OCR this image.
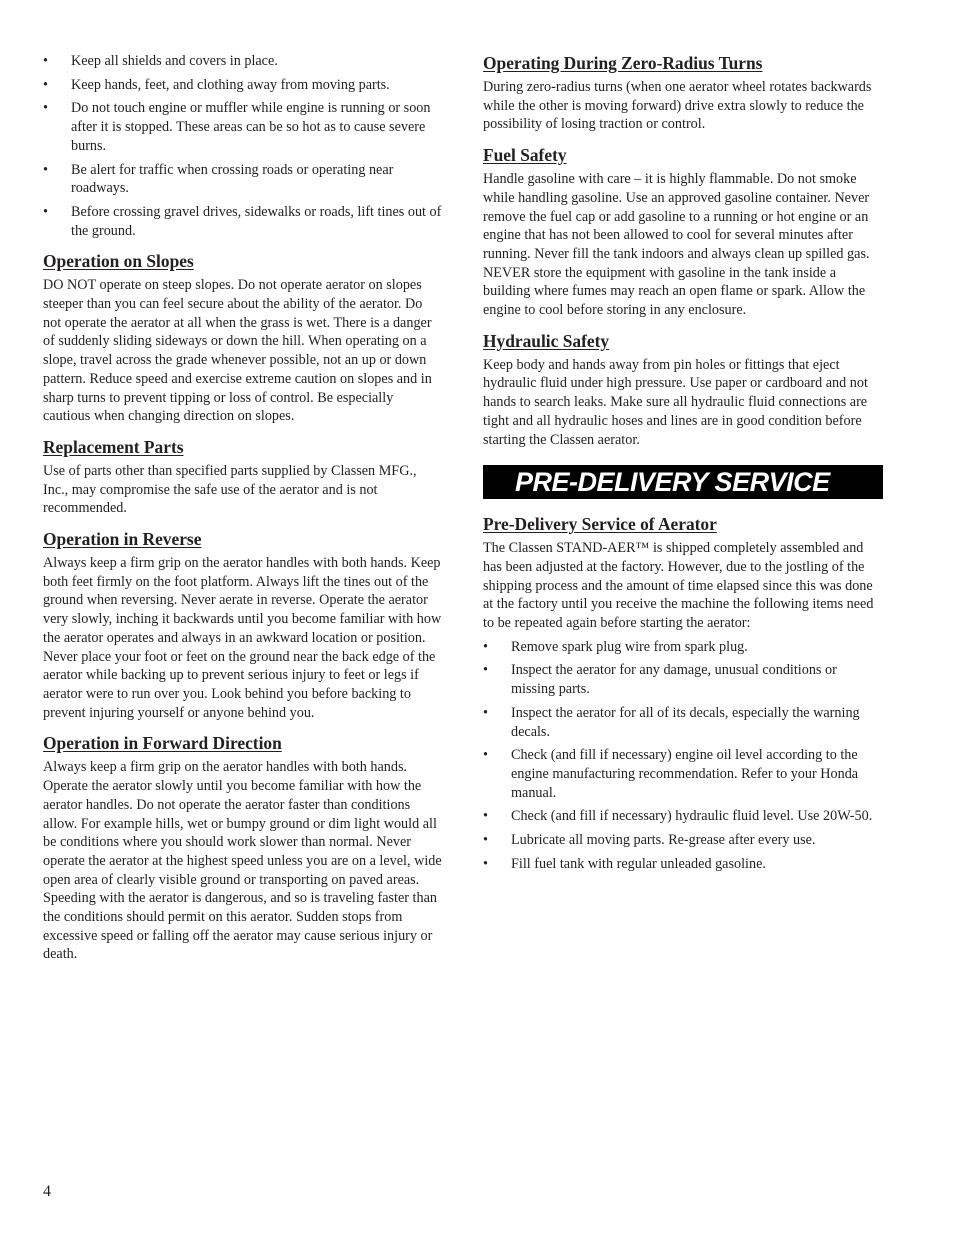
• Keep all shields and covers in place.
• Keep hands, feet, and clothing away from moving parts.
• Do not touch engine or muffler while engine is running or soon after it is stopped. These areas can be so hot as to cause severe burns.
• Be alert for traffic when crossing roads or operating near roadways.
• Before crossing gravel drives, sidewalks or roads, lift tines out of the ground.
Operation on Slopes

DO NOT operate on steep slopes. Do not operate aerator on slopes steeper than you can feel secure about the ability of the aerator. Do not operate the aerator at all when the grass is wet. There is a danger of suddenly sliding sideways or down the hill. When operating on a slope, travel across the grade whenever possible, not an up or down pattern. Reduce speed and exercise extreme caution on slopes and in sharp turns to prevent tipping or loss of control. Be especially cautious when changing direction on slopes.

Replacement Parts

Use of parts other than specified parts supplied by Classen MFG., Inc., may compromise the safe use of the aerator and is not recommended.

Operation in Reverse

Always keep a firm grip on the aerator handles with both hands. Keep both feet firmly on the foot platform. Always lift the tines out of the ground when reversing. Never aerate in reverse. Operate the aerator very slowly, inching it backwards until you become familiar with how the aerator operates and always in an awkward location or position. Never place your foot or feet on the ground near the back edge of the aerator while backing up to prevent serious injury to feet or legs if aerator were to run over you. Look behind you before backing to prevent injuring yourself or anyone behind you.

Operation in Forward Direction

Always keep a firm grip on the aerator handles with both hands. Operate the aerator slowly until you become familiar with how the aerator handles. Do not operate the aerator faster than conditions allow. For example hills, wet or bumpy ground or dim light would all be conditions where you should work slower than normal. Never operate the aerator at the highest speed unless you are on a level, wide open area of clearly visible ground or transporting on paved areas. Speeding with the aerator is dangerous, and so is traveling faster than the conditions should permit on this aerator. Sudden stops from excessive speed or falling off the aerator may cause serious injury or death.

Operating During Zero-Radius Turns

During zero-radius turns (when one aerator wheel rotates backwards while the other is moving forward) drive extra slowly to reduce the possibility of losing traction or control.

Fuel Safety

Handle gasoline with care – it is highly flammable. Do not smoke while handling gasoline. Use an approved gasoline container. Never remove the fuel cap or add gasoline to a running or hot engine or an engine that has not been allowed to cool for several minutes after running. Never fill the tank indoors and always clean up spilled gas. NEVER store the equipment with gasoline in the tank inside a building where fumes may reach an open flame or spark. Allow the engine to cool before storing in any enclosure.

Hydraulic Safety

Keep body and hands away from pin holes or fittings that eject hydraulic fluid under high pressure. Use paper or cardboard and not hands to search leaks. Make sure all hydraulic fluid connections are tight and all hydraulic hoses and lines are in good condition before starting the Classen aerator.

PRE-DELIVERY SERVICE
Pre-Delivery Service of Aerator

The Classen STAND-AER™ is shipped completely assembled and has been adjusted at the factory. However, due to the jostling of the shipping process and the amount of time elapsed since this was done at the factory until you receive the machine the following items need to be repeated again before starting the aerator:

• Remove spark plug wire from spark plug.
• Inspect the aerator for any damage, unusual conditions or missing parts.
• Inspect the aerator for all of its decals, especially the warning decals.
• Check (and fill if necessary) engine oil level according to the engine manufacturing recommendation. Refer to your Honda manual.
• Check (and fill if necessary) hydraulic fluid level. Use 20W-50.
• Lubricate all moving parts. Re-grease after every use.
• Fill fuel tank with regular unleaded gasoline.
4
